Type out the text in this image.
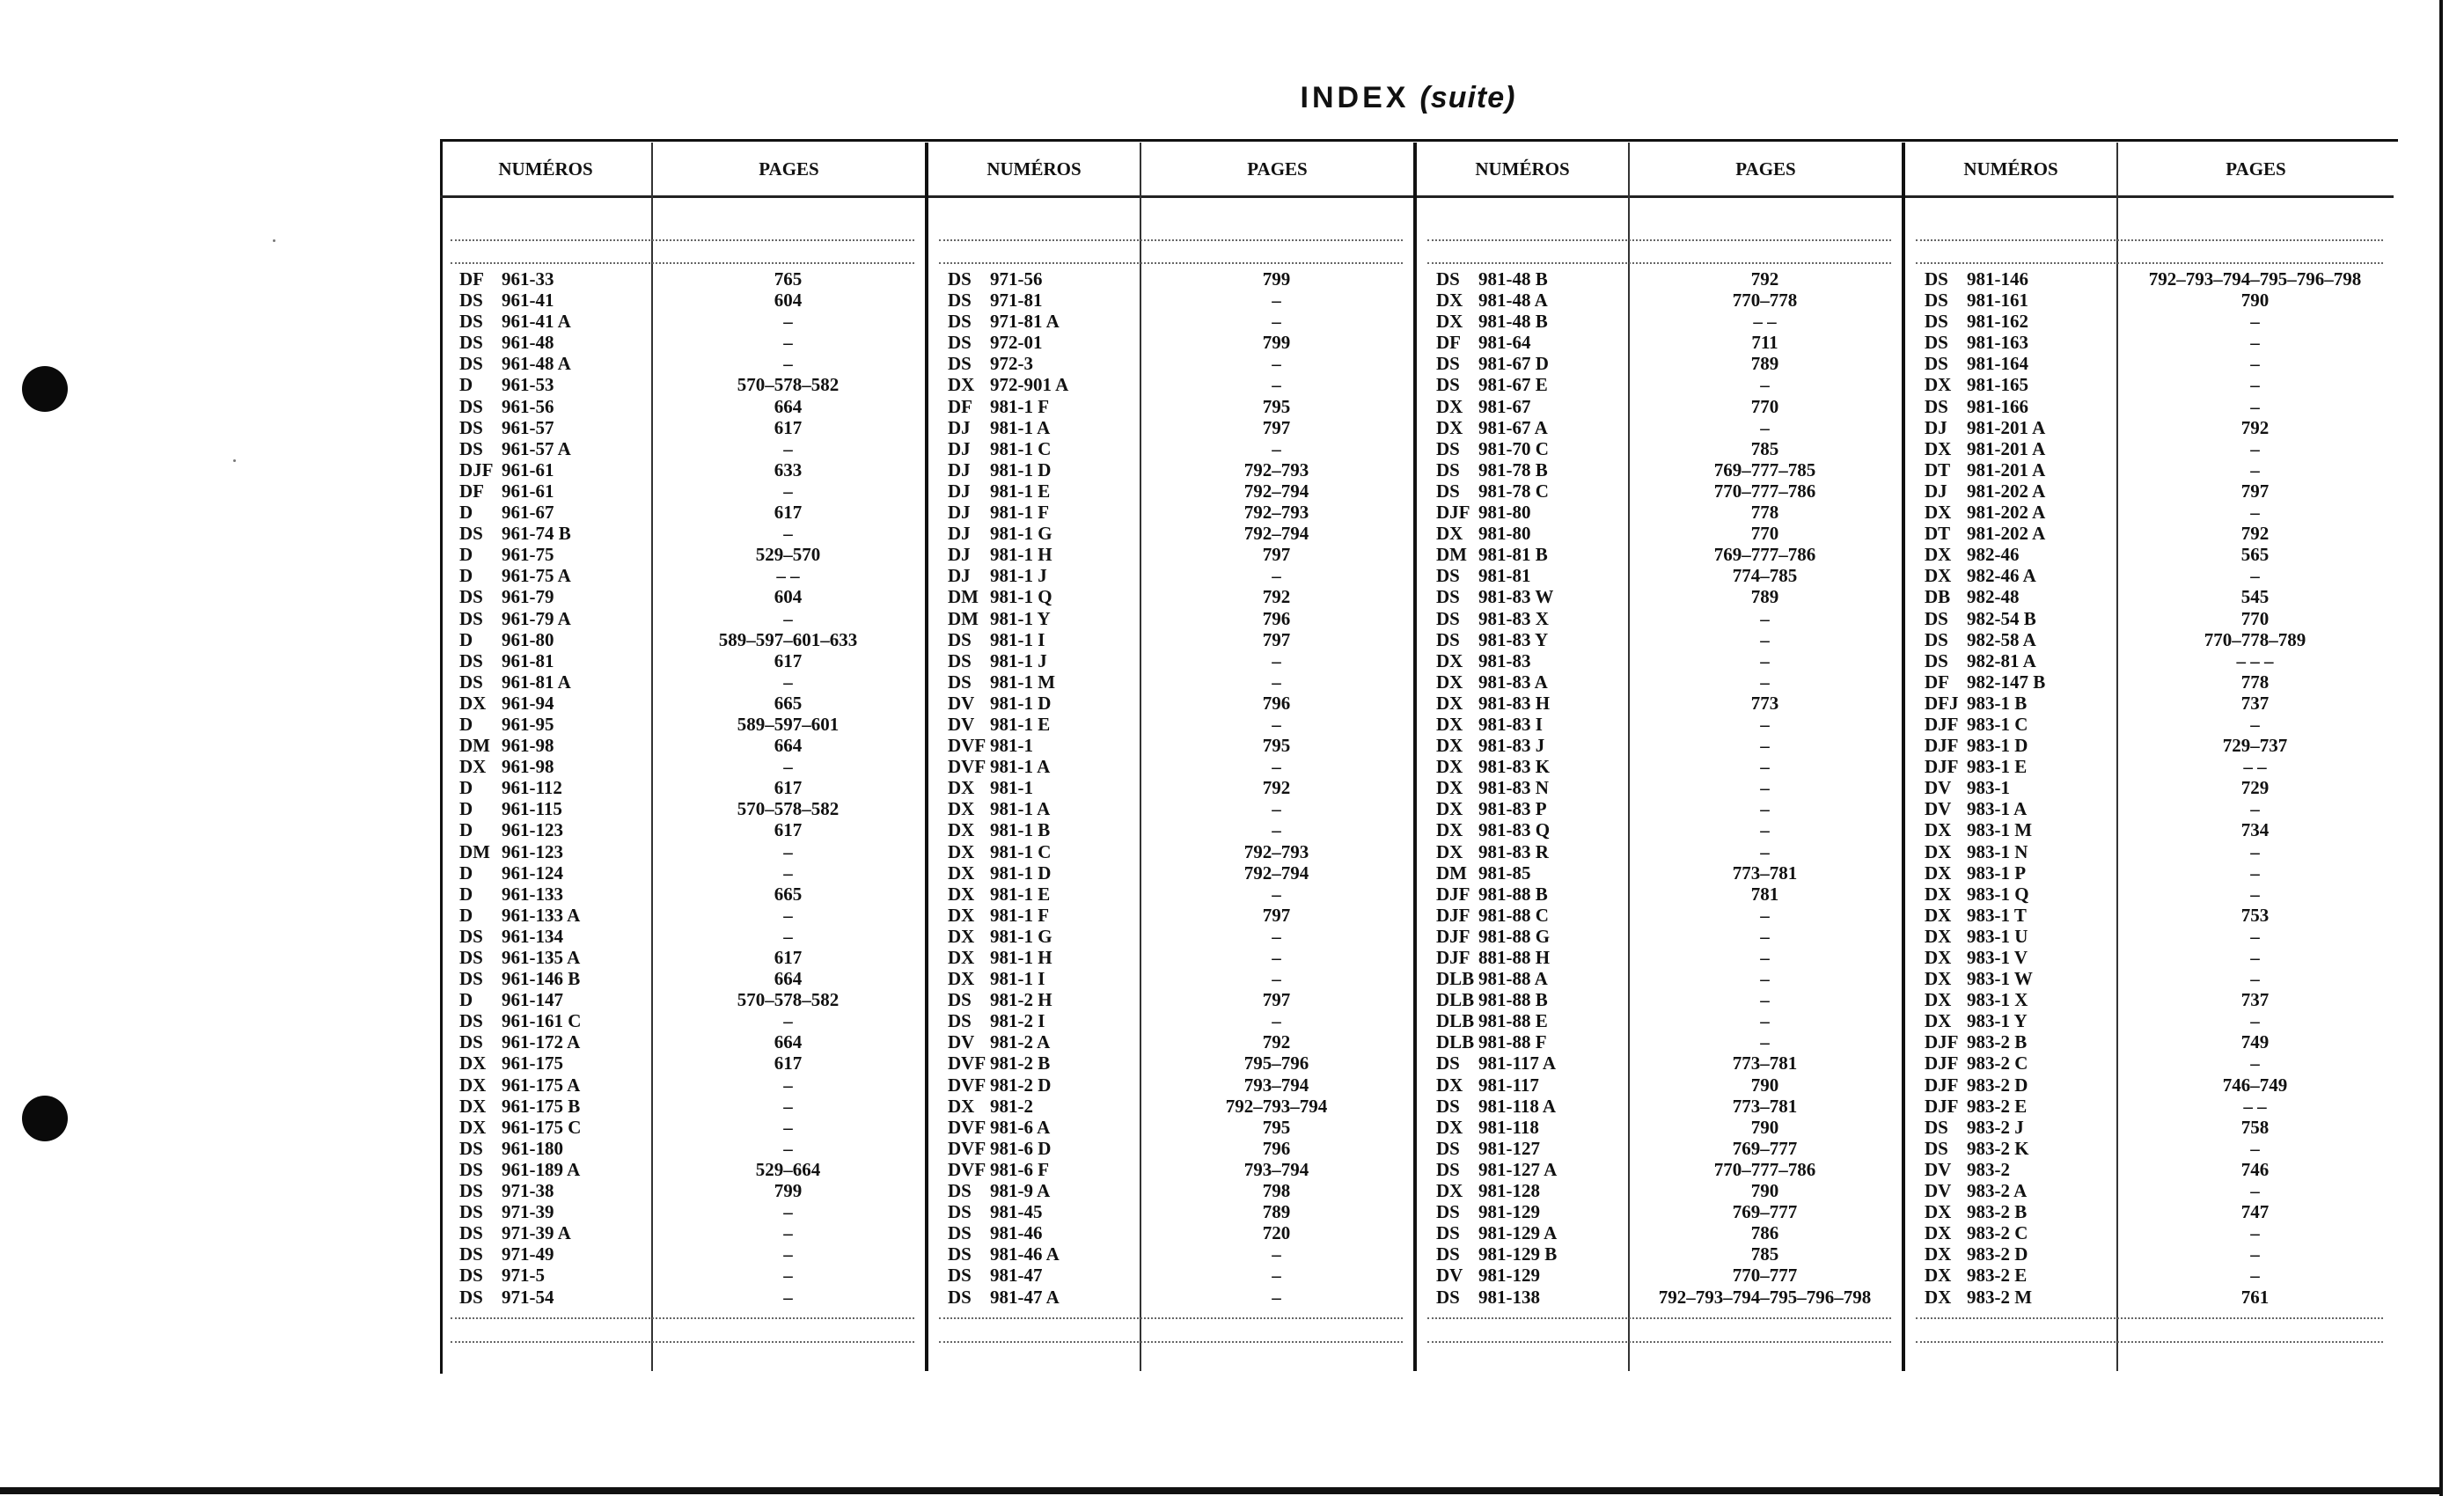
INDEX (suite)
NUMÉROS	PAGES
DF 961-33	765
DS	961-41	604
DS	961-41 A	–
DS	961-48	–
DS	961-48 A	–
D	961-53	570–578–582
DS	961-56	664
DS	961-57	617
DS	961-57 A	–
DJF 961-61	633
DF 961-61	–
D	961-67	617
DS	961-74 B	–
D	961-75	529–570
D	961-75 A	– –
DS	961-79	604
DS	961-79 A	–
D	961-80	589–597–601–633
DS	961-81	617
DS	961-81 A	–
DX 961-94	665
D	961-95	589–597–601
DM 961-98	664
DX 961-98	–
D	961-112	617
D	961-115	570–578–582
D	961-123	617
DM 961-123	–
D	961-124	–
D	961-133	665
D	961-133 A	–
DS	961-134	–
DS	961-135 A	617
DS	961-146 B	664
D	961-147	570–578–582
DS	961-161 C	–
DS	961-172 A	664
DX 961-175	617
DX 961-175 A	–
DX 961-175 B	–
DX 961-175 C	–
DS	961-180	–
DS	961-189 A	529–664
DS	971-38	799
DS	971-39	–
DS	971-39 A	–
DS	971-49	–
DS	971-5	–
DS	971-54	–
NUMÉROS	PAGES
DS	971-56	799
DS	971-81	–
DS	971-81 A	–
DS	972-01	799
DS	972-3	–
DX 972-901 A	–
DF 981-1 F	795
DJ	981-1 A	797
DJ	981-1 C	–
DJ	981-1 D	792–793
DJ	981-1 E	792–794
DJ	981-1 F	792–793
DJ	981-1 G	792–794
DJ	981-1 H	797
DJ	981-1 J	–
DM 981-1 Q	792
DM 981-1 Y	796
DS	981-1 I	797
DS	981-1 J	–
DS	981-1 M	–
DV 981-1 D	796
DV 981-1 E	–
DVF 981-1	795
DVF 981-1 A	–
DX 981-1	792
DX 981-1 A	–
DX 981-1 B	–
DX 981-1 C	792–793
DX 981-1 D	792–794
DX 981-1 E	–
DX 981-1 F	797
DX 981-1 G	–
DX 981-1 H	–
DX 981-1 I	–
DS	981-2 H	797
DS	981-2 I	–
DV 981-2 A	792
DVF 981-2 B	795–796
DVF 981-2 D	793–794
DX 981-2	792–793–794
DVF 981-6 A	795
DVF 981-6 D	796
DVF 981-6 F	793–794
DS	981-9 A	798
DS	981-45	789
DS	981-46	720
DS	981-46 A	–
DS	981-47	–
DS	981-47 A	–
NUMÉROS	PAGES
DS	981-48 B	792
DX 981-48 A	770–778
DX 981-48 B	– –
DF 981-64	711
DS	981-67 D	789
DS	981-67 E	–
DX 981-67	770
DX 981-67 A	–
DS	981-70 C	785
DS	981-78 B	769–777–785
DS	981-78 C	770–777–786
DJF 981-80	778
DX 981-80	770
DM 981-81 B	769–777–786
DS	981-81	774–785
DS	981-83 W	789
DS	981-83 X	–
DS	981-83 Y	–
DX 981-83	–
DX 981-83 A	–
DX 981-83 H	773
DX 981-83 I	–
DX 981-83 J	–
DX 981-83 K	–
DX 981-83 N	–
DX 981-83 P	–
DX 981-83 Q	–
DX 981-83 R	–
DM 981-85	773–781
DJF 981-88 B	781
DJF 981-88 C	–
DJF 981-88 G	–
DJF 881-88 H	–
DLB 981-88 A	–
DLB 981-88 B	–
DLB 981-88 E	–
DLB 981-88 F	–
DS	981-117 A	773–781
DX 981-117	790
DS	981-118 A	773–781
DX 981-118	790
DS	981-127	769–777
DS	981-127 A	770–777–786
DX 981-128	790
DS	981-129	769–777
DS	981-129 A	786
DS	981-129 B	785
DV 981-129	770–777
DS	981-138	792–793–794–795–796–798
NUMÉROS	PAGES
DS	981-146	792–793–794–795–796–798
DS	981-161	790
DS	981-162	–
DS	981-163	–
DS	981-164	–
DX 981-165	–
DS	981-166	–
DJ	981-201 A	792
DX 981-201 A	–
DT 981-201 A	–
DJ	981-202 A	797
DX 981-202 A	–
DT 981-202 A	792
DX 982-46	565
DX 982-46 A	–
DB 982-48	545
DS	982-54 B	770
DS	982-58 A	770–778–789
DS	982-81 A	– – –
DF 982-147 B	778
DFJ 983-1 B	737
DJF 983-1 C	–
DJF 983-1 D	729–737
DJF 983-1 E	– –
DV 983-1	729
DV 983-1 A	–
DX 983-1 M	734
DX 983-1 N	–
DX 983-1 P	–
DX 983-1 Q	–
DX 983-1 T	753
DX 983-1 U	–
DX 983-1 V	–
DX 983-1 W	–
DX 983-1 X	737
DX 983-1 Y	–
DJF 983-2 B	749
DJF 983-2 C	–
DJF 983-2 D	746–749
DJF 983-2 E	– –
DS	983-2 J	758
DS	983-2 K	–
DV 983-2	746
DV 983-2 A	–
DX 983-2 B	747
DX 983-2 C	–
DX 983-2 D	–
DX 983-2 E	–
DX 983-2 M	761
